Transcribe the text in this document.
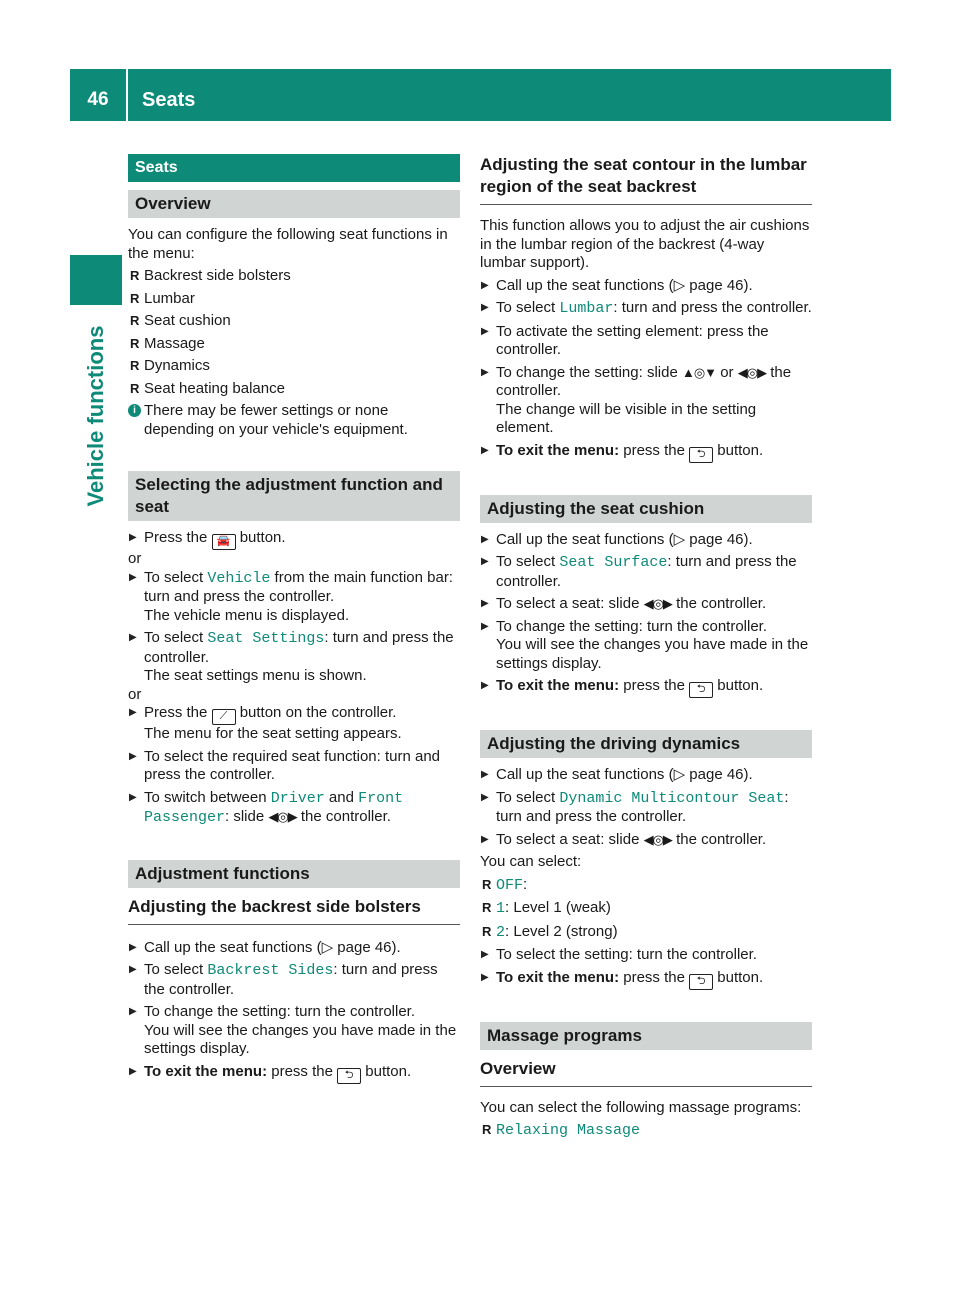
46	Seats
Vehicle functions
Seats
Overview

You can configure the following seat functions in the menu:

R Backrest side bolsters
R Lumbar
R Seat cushion
R Massage
R Dynamics
R Seat heating balance
i There may be fewer settings or none depending on your vehicle's equipment.
Selecting the adjustment function and seat
▶ Press the 🚘 button.

or

▶ To select Vehicle from the main function bar: turn and press the controller.
The vehicle menu is displayed.
▶ To select Seat Settings: turn and press the controller.
The seat settings menu is shown.

or

▶ Press the ⟋ button on the controller.
The menu for the seat setting appears.
▶ To select the required seat function: turn and press the controller.
▶ To switch between Driver and Front Passenger: slide ◀◎▶ the controller.
Adjustment functions
Adjusting the backrest side bolsters
▶ Call up the seat functions (▷ page 46).
▶ To select Backrest Sides: turn and press the controller.
▶ To change the setting: turn the controller.
You will see the changes you have made in the settings display.
▶ To exit the menu: press the ⮌ button.
Adjusting the seat contour in the lumbar region of the seat backrest

This function allows you to adjust the air cushions in the lumbar region of the backrest (4-way lumbar support).

▶ Call up the seat functions (▷ page 46).
▶ To select Lumbar: turn and press the controller.
▶ To activate the setting element: press the controller.
▶ To change the setting: slide ▲◎▼ or ◀◎▶ the controller.
The change will be visible in the setting element.
▶ To exit the menu: press the ⮌ button.
Adjusting the seat cushion
▶ Call up the seat functions (▷ page 46).
▶ To select Seat Surface: turn and press the controller.
▶ To select a seat: slide ◀◎▶ the controller.
▶ To change the setting: turn the controller.
You will see the changes you have made in the settings display.
▶ To exit the menu: press the ⮌ button.
Adjusting the driving dynamics
▶ Call up the seat functions (▷ page 46).
▶ To select Dynamic Multicontour Seat: turn and press the controller.
▶ To select a seat: slide ◀◎▶ the controller.

You can select:

R OFF:
R 1: Level 1 (weak)
R 2: Level 2 (strong)
▶ To select the setting: turn the controller.
▶ To exit the menu: press the ⮌ button.
Massage programs
Overview

You can select the following massage programs:

R Relaxing Massage
